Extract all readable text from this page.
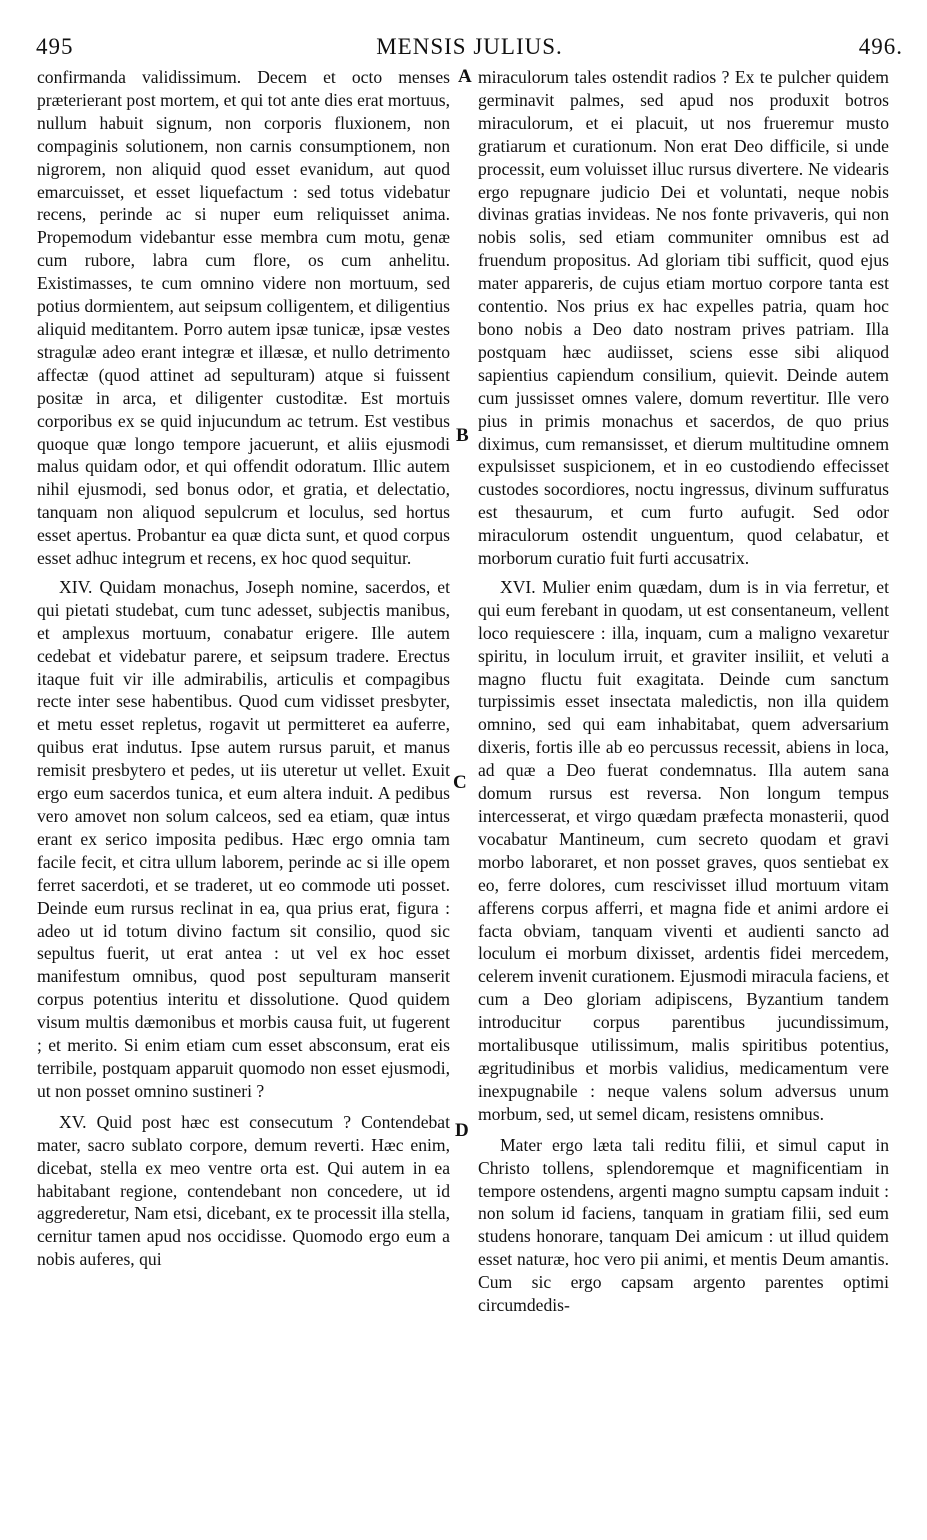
495	MENSIS JULIUS.	496.

confirmanda validissimum. Decem et octo menses præterierant post mortem, et qui tot ante dies erat mortuus, nullum habuit signum, non corporis fluxionem, non compaginis solutionem, non carnis consumptionem, non nigrorem, non aliquid quod esset evanidum, aut quod emarcuisset, et esset liquefactum : sed totus videbatur recens, perinde ac si nuper eum reliquisset anima. Propemodum videbantur esse membra cum motu, genæ cum rubore, labra cum flore, os cum anhelitu. Existimasses, te cum omnino videre non mortuum, sed potius dormientem, aut seipsum colligentem, et diligentius aliquid meditantem. Porro autem ipsæ tunicæ, ipsæ vestes stragulæ adeo erant integræ et illæsæ, et nullo detrimento affectæ (quod attinet ad sepulturam) atque si fuissent positæ in arca, et diligenter custoditæ. Est mortuis corporibus ex se quid injucundum ac tetrum. Est vestibus quoque quæ longo tempore jacuerunt, et aliis ejusmodi malus quidam odor, et qui offendit odoratum. Illic autem nihil ejusmodi, sed bonus odor, et gratia, et delectatio, tanquam non aliquod sepulcrum et loculus, sed hortus esset apertus. Probantur ea quæ dicta sunt, et quod corpus esset adhuc integrum et recens, ex hoc quod sequitur.

XIV. Quidam monachus, Joseph nomine, sacerdos, et qui pietati studebat, cum tunc adesset, subjectis manibus, et amplexus mortuum, conabatur erigere. Ille autem cedebat et videbatur parere, et seipsum tradere. Erectus itaque fuit vir ille admirabilis, articulis et compagibus recte inter sese habentibus. Quod cum vidisset presbyter, et metu esset repletus, rogavit ut permitteret ea auferre, quibus erat indutus. Ipse autem rursus paruit, et manus remisit presbytero et pedes, ut iis uteretur ut vellet. Exuit ergo eum sacerdos tunica, et eum altera induit. A pedibus vero amovet non solum calceos, sed ea etiam, quæ intus erant ex serico imposita pedibus. Hæc ergo omnia tam facile fecit, et citra ullum laborem, perinde ac si ille opem ferret sacerdoti, et se traderet, ut eo commode uti posset. Deinde eum rursus reclinat in ea, qua prius erat, figura : adeo ut id totum divino factum sit consilio, quod sic sepultus fuerit, ut erat antea : ut vel ex hoc esset manifestum omnibus, quod post sepulturam manserit corpus potentius interitu et dissolutione. Quod quidem visum multis dæmonibus et morbis causa fuit, ut fugerent ; et merito. Si enim etiam cum esset absconsum, erat eis terribile, postquam apparuit quomodo non esset ejusmodi, ut non posset omnino sustineri ?

XV. Quid post hæc est consecutum ? Contendebat mater, sacro sublato corpore, demum reverti. Hæc enim, dicebat, stella ex meo ventre orta est. Qui autem in ea habitabant regione, contendebant non concedere, ut id aggrederetur, Nam etsi, dicebant, ex te processit illa stella, cernitur tamen apud nos occidisse. Quomodo ergo eum a nobis auferes, qui

A
B
C
D

miraculorum tales ostendit radios ? Ex te pulcher quidem germinavit palmes, sed apud nos produxit botros miraculorum, et ei placuit, ut nos frueremur musto gratiarum et curationum. Non erat Deo difficile, si unde processit, eum voluisset illuc rursus divertere. Ne videaris ergo repugnare judicio Dei et voluntati, neque nobis divinas gratias invideas. Ne nos fonte privaveris, qui non nobis solis, sed etiam communiter omnibus est ad fruendum propositus. Ad gloriam tibi sufficit, quod ejus mater appareris, de cujus etiam mortuo corpore tanta est contentio. Nos prius ex hac expelles patria, quam hoc bono nobis a Deo dato nostram prives patriam. Illa postquam hæc audiisset, sciens esse sibi aliquod sapientius capiendum consilium, quievit. Deinde autem cum jussisset omnes valere, domum revertitur. Ille vero pius in primis monachus et sacerdos, de quo prius diximus, cum remansisset, et dierum multitudine omnem expulsisset suspicionem, et in eo custodiendo effecisset custodes socordiores, noctu ingressus, divinum suffuratus est thesaurum, et cum furto aufugit. Sed odor miraculorum ostendit unguentum, quod celabatur, et morborum curatio fuit furti accusatrix.

XVI. Mulier enim quædam, dum is in via ferretur, et qui eum ferebant in quodam, ut est consentaneum, vellent loco requiescere : illa, inquam, cum a maligno vexaretur spiritu, in loculum irruit, et graviter insiliit, et veluti a magno fluctu fuit exagitata. Deinde cum sanctum turpissimis esset insectata maledictis, non illa quidem omnino, sed qui eam inhabitabat, quem adversarium dixeris, fortis ille ab eo percussus recessit, abiens in loca, ad quæ a Deo fuerat condemnatus. Illa autem sana domum rursus est reversa. Non longum tempus intercesserat, et virgo quædam præfecta monasterii, quod vocabatur Mantineum, cum secreto quodam et gravi morbo laboraret, et non posset graves, quos sentiebat ex eo, ferre dolores, cum rescivisset illud mortuum vitam afferens corpus afferri, et magna fide et animi ardore ei facta obviam, tanquam viventi et audienti sancto ad loculum ei morbum dixisset, ardentis fidei mercedem, celerem invenit curationem. Ejusmodi miracula faciens, et cum a Deo gloriam adipiscens, Byzantium tandem introducitur corpus parentibus jucundissimum, mortalibusque utilissimum, malis spiritibus potentius, ægritudinibus et morbis validius, medicamentum vere inexpugnabile : neque valens solum adversus unum morbum, sed, ut semel dicam, resistens omnibus.

Mater ergo læta tali reditu filii, et simul caput in Christo tollens, splendoremque et magnificentiam in tempore ostendens, argenti magno sumptu capsam induit : non solum id faciens, tanquam in gratiam filii, sed eum studens honorare, tanquam Dei amicum : ut illud quidem esset naturæ, hoc vero pii animi, et mentis Deum amantis. Cum sic ergo capsam argento parentes optimi circumdedis-
